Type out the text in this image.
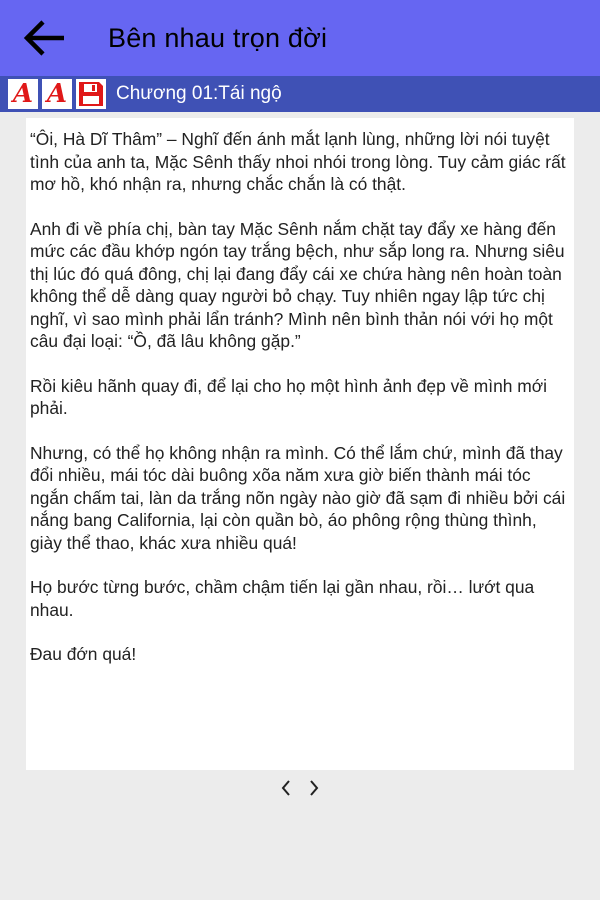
Bên nhau trọn đời
A A	Chương 01:Tái ngộ

“Ôi, Hà Dĩ Thâm” – Nghĩ đến ánh mắt lạnh lùng, những lời nói tuyệt tình của anh ta, Mặc Sênh thấy nhoi nhói trong lòng. Tuy cảm giác rất mơ hồ, khó nhận ra, nhưng chắc chắn là có thật.

Anh đi về phía chị, bàn tay Mặc Sênh nắm chặt tay đẩy xe hàng đến mức các đầu khớp ngón tay trắng bệch, như sắp long ra. Nhưng siêu thị lúc đó quá đông, chị lại đang đẩy cái xe chứa hàng nên hoàn toàn không thể dễ dàng quay người bỏ chạy. Tuy nhiên ngay lập tức chị nghĩ, vì sao mình phải lẩn tránh? Mình nên bình thản nói với họ một câu đại loại: “Ồ, đã lâu không gặp.”

Rồi kiêu hãnh quay đi, để lại cho họ một hình ảnh đẹp về mình mới phải.

Nhưng, có thể họ không nhận ra mình. Có thể lắm chứ, mình đã thay đổi nhiều, mái tóc dài buông xõa năm xưa giờ biến thành mái tóc ngắn chấm tai, làn da trắng nõn ngày nào giờ đã sạm đi nhiều bởi cái nắng bang California, lại còn quần bò, áo phông rộng thùng thình, giày thể thao, khác xưa nhiều quá!

Họ bước từng bước, chầm chậm tiến lại gần nhau, rồi… lướt qua nhau.

Đau đớn quá!
